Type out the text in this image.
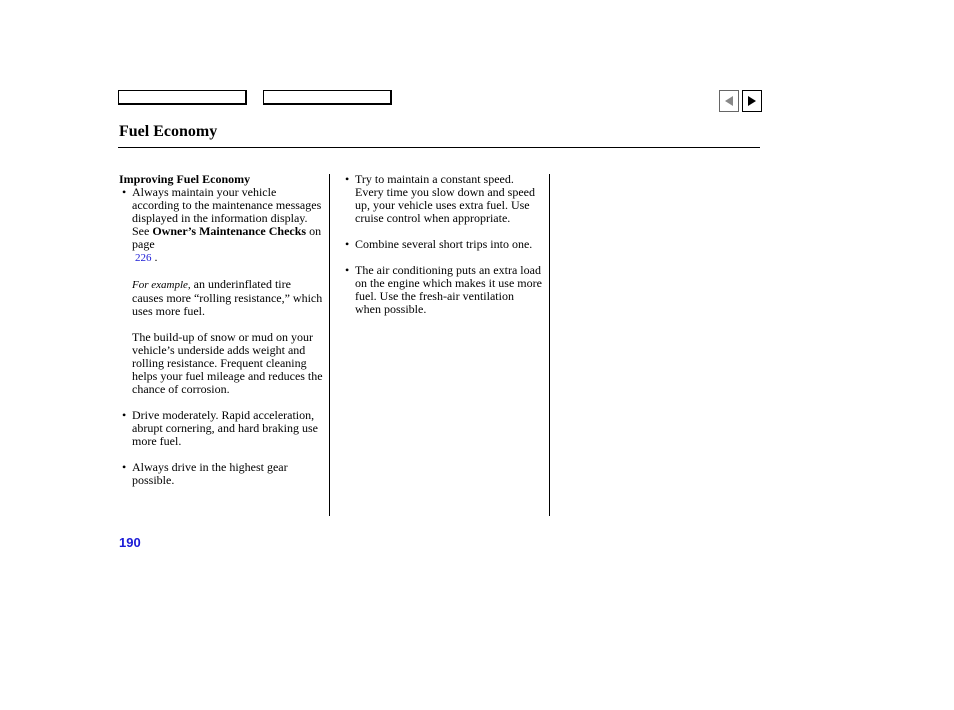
Fuel Economy

Improving Fuel Economy

• Always maintain your vehicle according to the maintenance messages displayed in the information display. See Owner’s Maintenance Checks on page
226 .

For example, an underinflated tire causes more “rolling resistance,” which uses more fuel.

The build-up of snow or mud on your vehicle’s underside adds weight and rolling resistance. Frequent cleaning helps your fuel mileage and reduces the chance of corrosion.

• Drive moderately. Rapid acceleration, abrupt cornering, and hard braking use more fuel.

• Always drive in the highest gear possible.

• Try to maintain a constant speed. Every time you slow down and speed up, your vehicle uses extra fuel. Use cruise control when appropriate.

• Combine several short trips into one.

• The air conditioning puts an extra load on the engine which makes it use more fuel. Use the fresh-air ventilation when possible.

190
